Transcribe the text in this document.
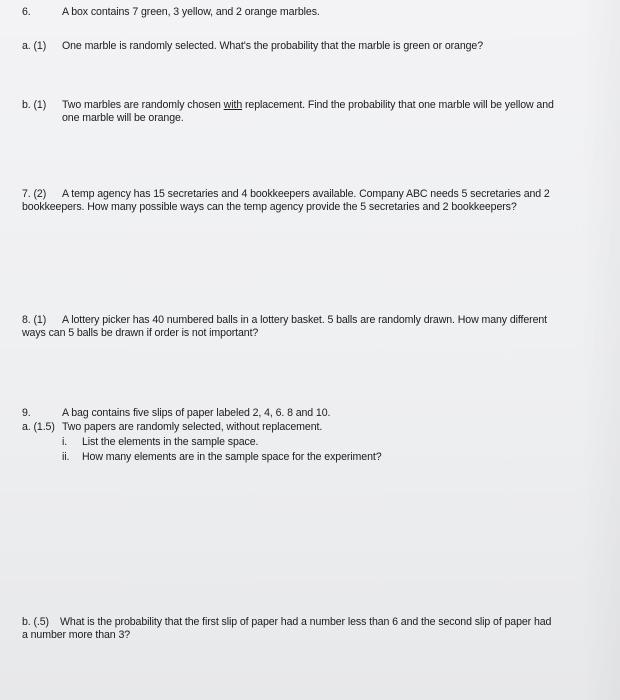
6.	A box contains 7 green, 3 yellow, and 2 orange marbles.
a. (1) One marble is randomly selected. What's the probability that the marble is green or orange?
b. (1) Two marbles are randomly chosen with replacement. Find the probability that one marble will be yellow and
one marble will be orange.
7. (2) A temp agency has 15 secretaries and 4 bookkeepers available. Company ABC needs 5 secretaries and 2
bookkeepers. How many possible ways can the temp agency provide the 5 secretaries and 2 bookkeepers?
8. (1) A lottery picker has 40 numbered balls in a lottery basket. 5 balls are randomly drawn. How many different
ways can 5 balls be drawn if order is not important?
9.	A bag contains five slips of paper labeled 2, 4, 6. 8 and 10.
a. (1.5) Two papers are randomly selected, without replacement.
i. List the elements in the sample space.
ii. How many elements are in the sample space for the experiment?
b. (.5) What is the probability that the first slip of paper had a number less than 6 and the second slip of paper had
a number more than 3?
